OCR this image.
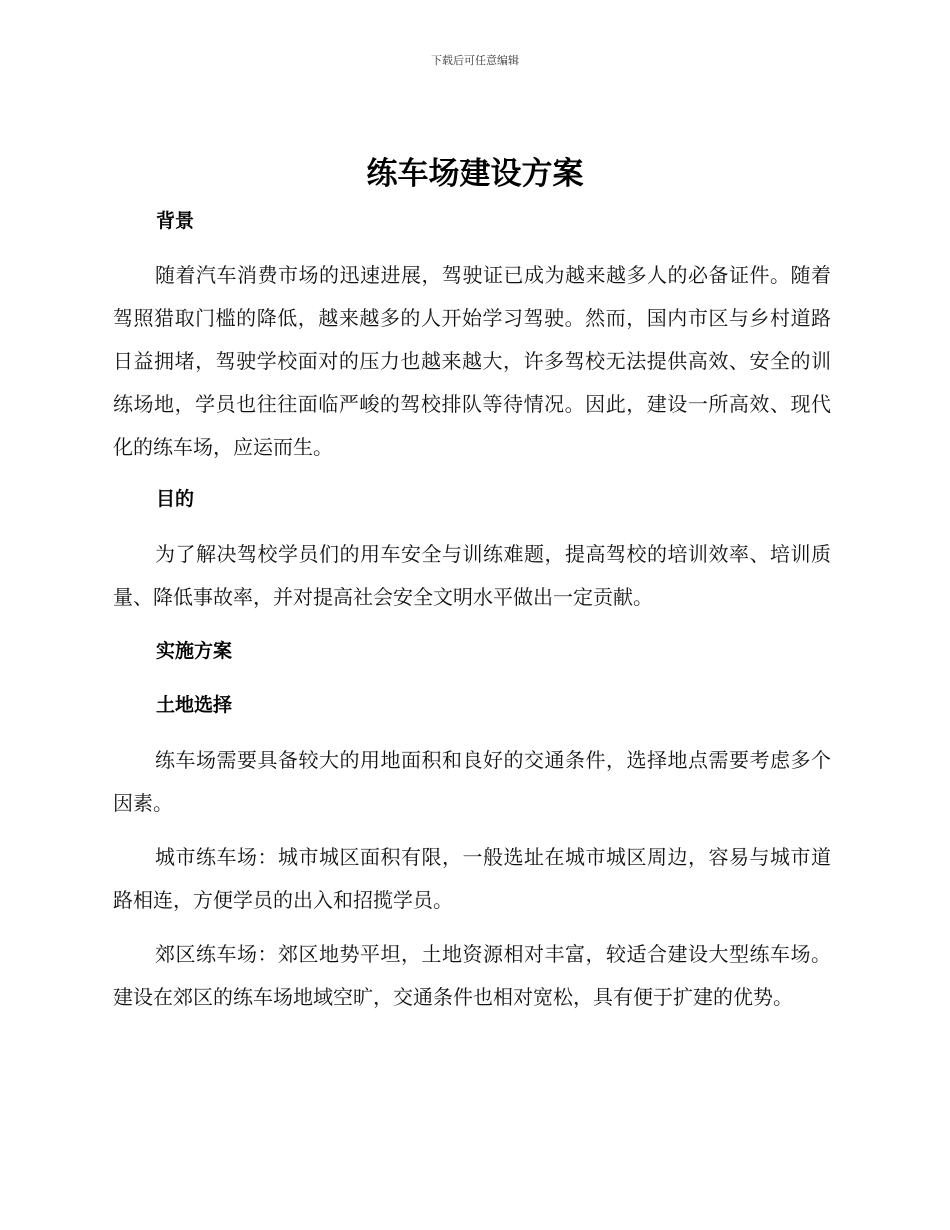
下载后可任意编辑
练车场建设方案
背景
随着汽车消费市场的迅速进展，驾驶证已成为越来越多人的必备证件。随着驾照猎取门槛的降低，越来越多的人开始学习驾驶。然而，国内市区与乡村道路日益拥堵，驾驶学校面对的压力也越来越大，许多驾校无法提供高效、安全的训练场地，学员也往往面临严峻的驾校排队等待情况。因此，建设一所高效、现代化的练车场，应运而生。
目的
为了解决驾校学员们的用车安全与训练难题，提高驾校的培训效率、培训质量、降低事故率，并对提高社会安全文明水平做出一定贡献。
实施方案
土地选择
练车场需要具备较大的用地面积和良好的交通条件，选择地点需要考虑多个因素。
城市练车场：城市城区面积有限，一般选址在城市城区周边，容易与城市道路相连，方便学员的出入和招揽学员。
郊区练车场：郊区地势平坦，土地资源相对丰富，较适合建设大型练车场。建设在郊区的练车场地域空旷，交通条件也相对宽松，具有便于扩建的优势。
